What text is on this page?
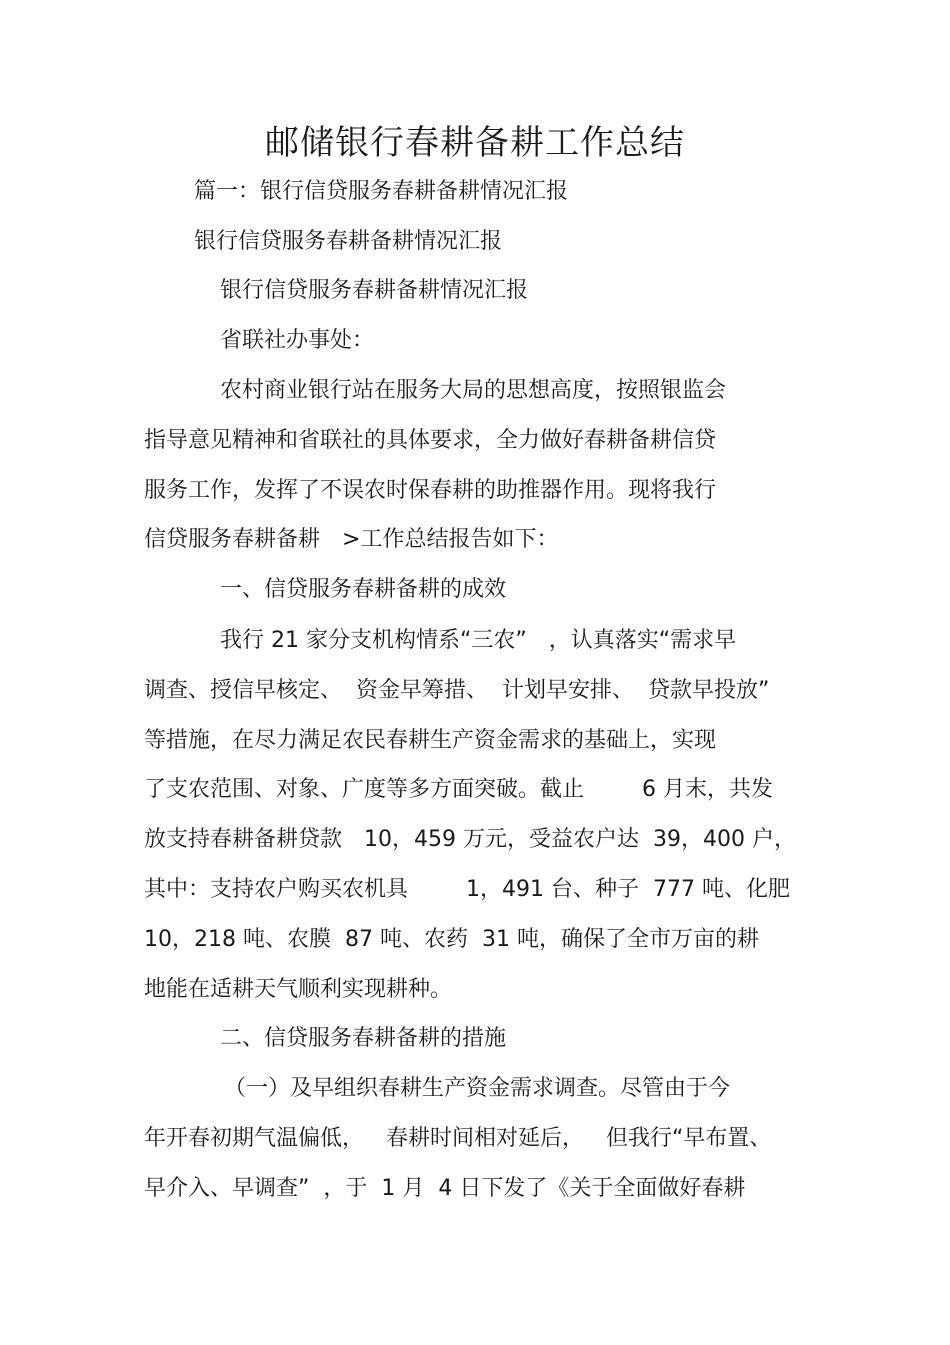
邮储银行春耕备耕工作总结
篇一：银行信贷服务春耕备耕情况汇报
银行信贷服务春耕备耕情况汇报
银行信贷服务春耕备耕情况汇报
省联社办事处：
农村商业银行站在服务大局的思想高度，按照银监会
指导意见精神和省联社的具体要求，全力做好春耕备耕信贷
服务工作，发挥了不误农时保春耕的助推器作用。现将我行
信贷服务春耕备耕 >工作总结报告如下：
一、信贷服务春耕备耕的成效
我行 21 家分支机构情系“三农” ，认真落实“需求早
调查、授信早核定、 资金早筹措、 计划早安排、 贷款早投放”
等措施，在尽力满足农民春耕生产资金需求的基础上，实现
了支农范围、对象、广度等多方面突破。截止	6 月末，共发
放支持春耕备耕贷款 10，459 万元，受益农户达 39，400 户，
其中：支持农户购买农机具	1，491 台、种子 777 吨、化肥
10，218 吨、农膜 87 吨、农药 31 吨，确保了全市万亩的耕
地能在适耕天气顺利实现耕种。
二、信贷服务春耕备耕的措施
（一）及早组织春耕生产资金需求调查。尽管由于今
年开春初期气温偏低， 春耕时间相对延后， 但我行“早布置、
早介入、早调查” ，于 1 月 4 日下发了《关于全面做好春耕
